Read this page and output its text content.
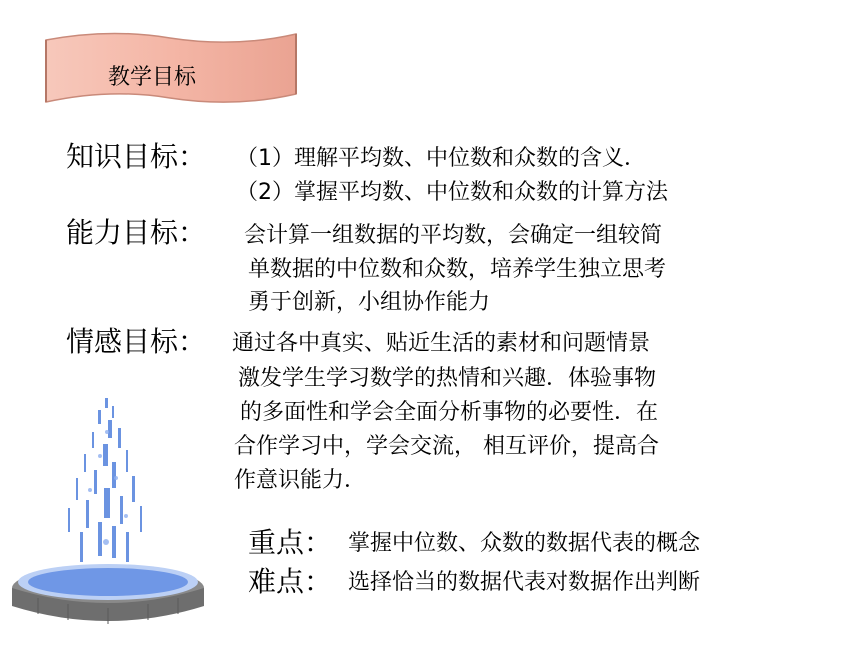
教学目标
知识目标： （1）理解平均数、中位数和众数的含义．
（2）掌握平均数、中位数和众数的计算方法
能力目标： 会计算一组数据的平均数，会确定一组较简
单数据的中位数和众数，培养学生独立思考
勇于创新，小组协作能力
情感目标： 通过各中真实、贴近生活的素材和问题情景
激发学生学习数学的热情和兴趣．体验事物
的多面性和学会全面分析事物的必要性．在
合作学习中，学会交流， 相互评价，提高合
作意识能力．
重点： 掌握中位数、众数的数据代表的概念
难点： 选择恰当的数据代表对数据作出判断
